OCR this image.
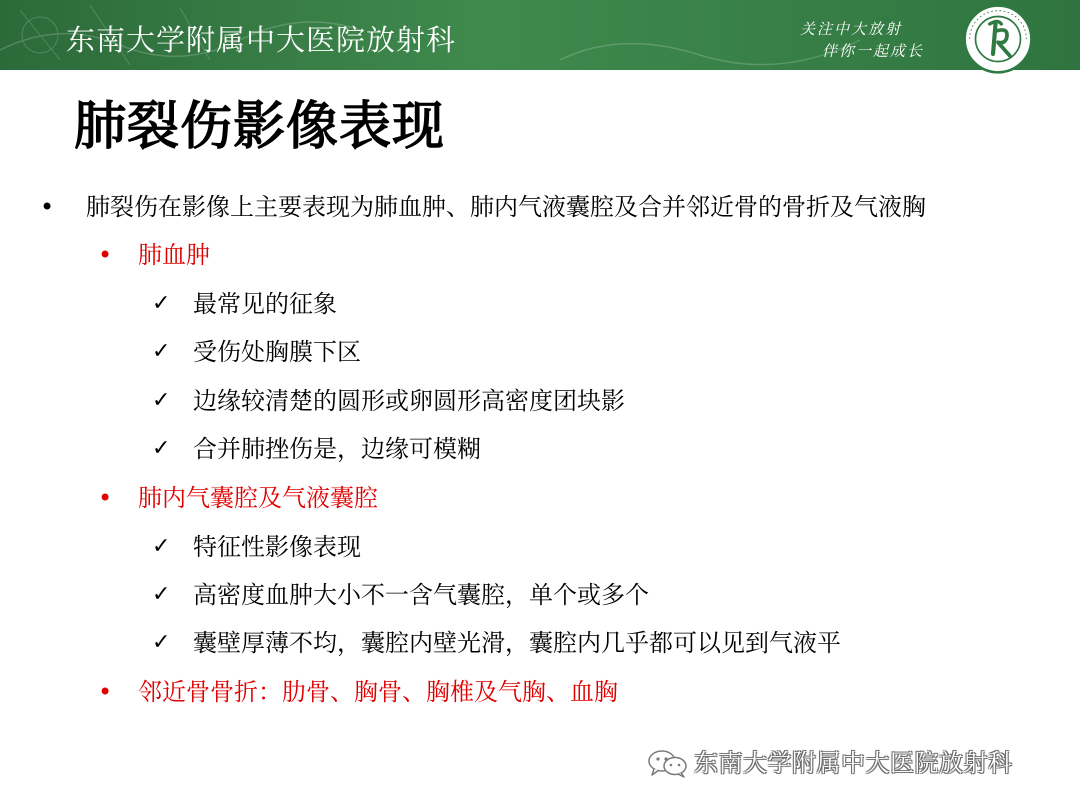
东南大学附属中大医院放射科	关注中大放射
伴你一起成长
肺裂伤影像表现
• 肺裂伤在影像上主要表现为肺血肿、肺内气液囊腔及合并邻近骨的骨折及气液胸
• 肺血肿
✓ 最常见的征象
✓ 受伤处胸膜下区
✓ 边缘较清楚的圆形或卵圆形高密度团块影
✓ 合并肺挫伤是，边缘可模糊
• 肺内气囊腔及气液囊腔
✓ 特征性影像表现
✓ 高密度血肿大小不一含气囊腔，单个或多个
✓ 囊壁厚薄不均，囊腔内壁光滑，囊腔内几乎都可以见到气液平
• 邻近骨骨折：肋骨、胸骨、胸椎及气胸、血胸
东南大学附属中大医院放射科
